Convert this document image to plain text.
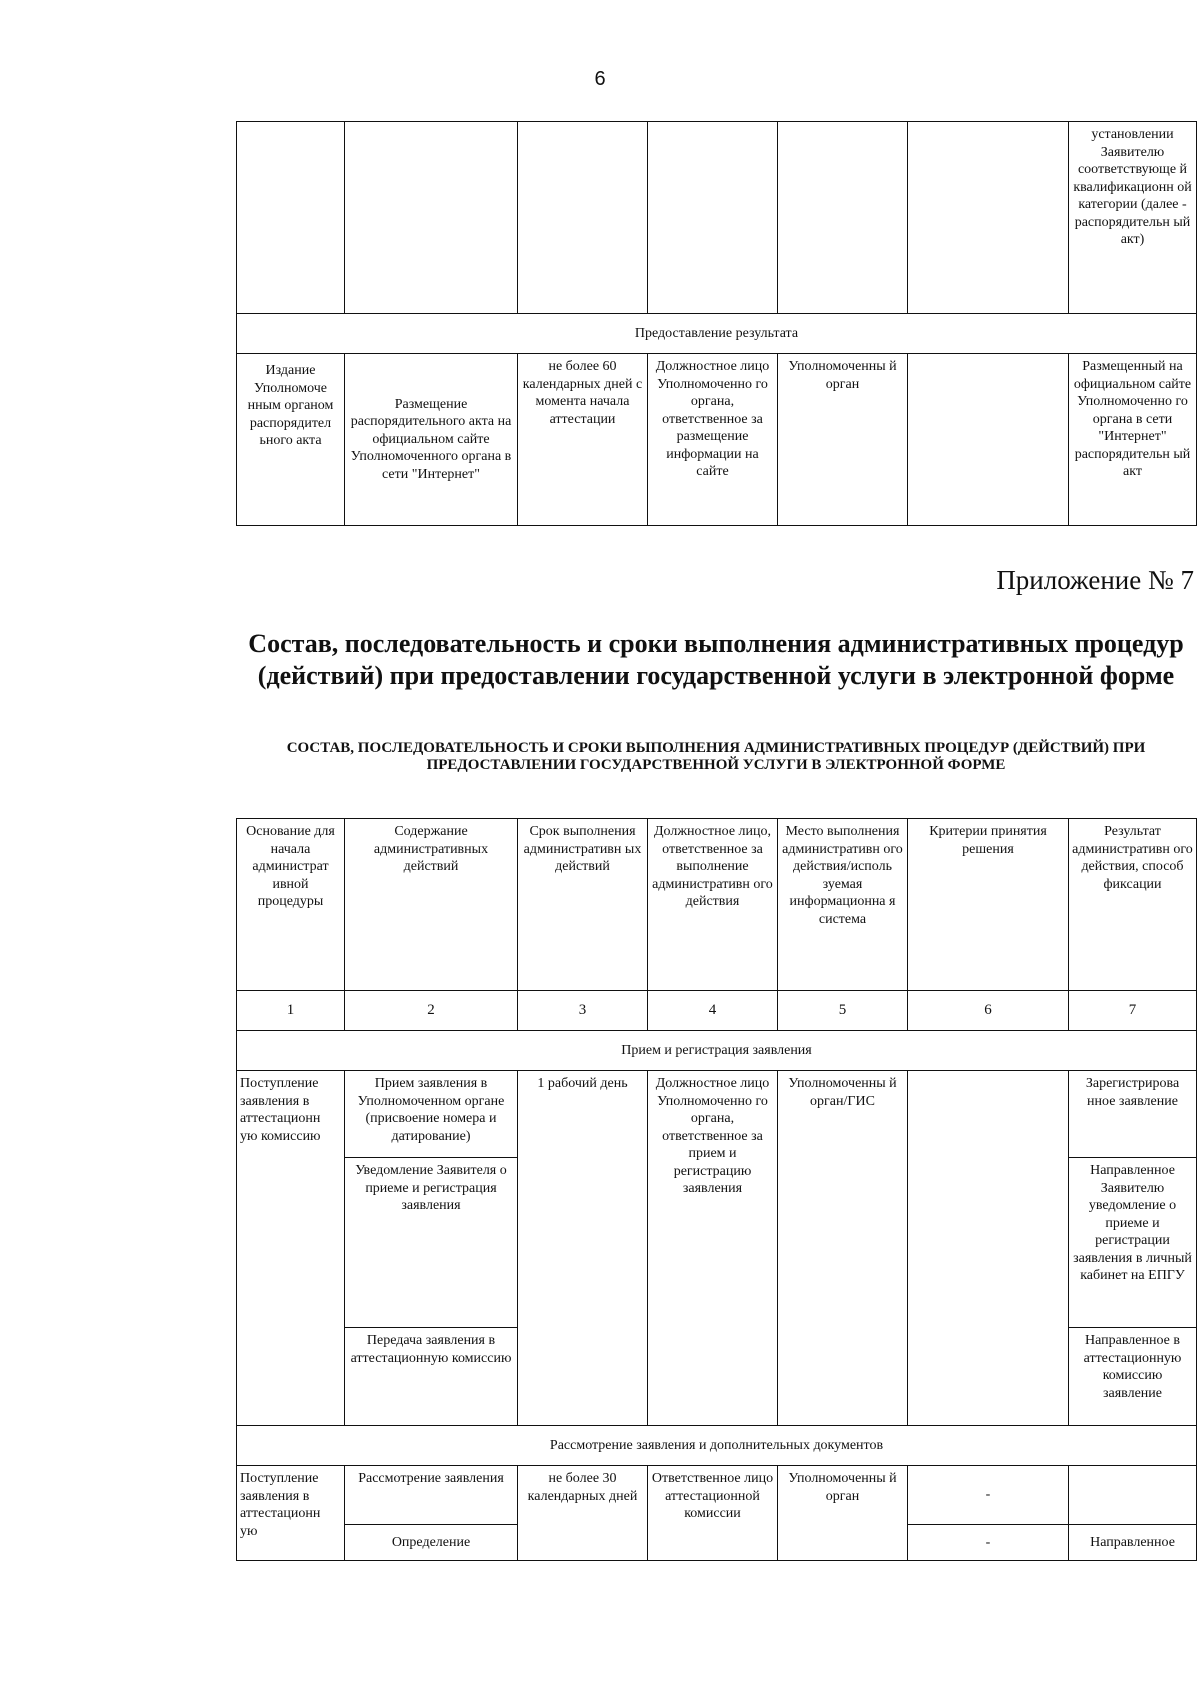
6
						установлении Заявителю соответствующе й квалификационн ой категории (далее - распорядительн ый акт)
Предоставление результата						
Издание Уполномоче нным органом распорядител ьного акта	Размещение распорядительного акта на официальном сайте Уполномоченного органа в сети "Интернет"	не более 60 календарных дней с момента начала аттестации	Должностное лицо Уполномоченно го органа, ответственное за размещение информации на сайте	Уполномоченны й орган		Размещенный на официальном сайте Уполномоченно го органа в сети "Интернет" распорядительн ый акт
Приложение № 7
Состав, последовательность и сроки выполнения административных процедур (действий) при предоставлении государственной услуги в электронной форме
СОСТАВ, ПОСЛЕДОВАТЕЛЬНОСТЬ И СРОКИ ВЫПОЛНЕНИЯ АДМИНИСТРАТИВНЫХ ПРОЦЕДУР (ДЕЙСТВИЙ) ПРИ ПРЕДОСТАВЛЕНИИ ГОСУДАРСТВЕННОЙ УСЛУГИ В ЭЛЕКТРОННОЙ ФОРМЕ
Основание для начала администрат ивной процедуры	Содержание административных действий	Срок выполнения административн ых действий	Должностное лицо, ответственное за выполнение административн ого действия	Место выполнения административн ого действия/исполь зуемая информационна я система	Критерии принятия решения	Результат административн ого действия, способ фиксации
1	2	3	4	5	6	7
Прием и регистрация заявления						
Поступление заявления в аттестационн ую комиссию	Прием заявления в Уполномоченном органе (присвоение номера и датирование)	1 рабочий день	Должностное лицо Уполномоченно го органа, ответственное за прием и регистрацию заявления	Уполномоченны й орган/ГИС		Зарегистрирова нное заявление
	Уведомление Заявителя о приеме и регистрация заявления					Направленное Заявителю уведомление о приеме и регистрации заявления в личный кабинет на ЕПГУ
	Передача заявления в аттестационную комиссию					Направленное в аттестационную комиссию заявление
Рассмотрение заявления и дополнительных документов						
Поступление заявления в аттестационн ую	Рассмотрение заявления	не более 30 календарных дней	Ответственное лицо аттестационной комиссии	Уполномоченны й орган	-	
	Определение				-	Направленное
